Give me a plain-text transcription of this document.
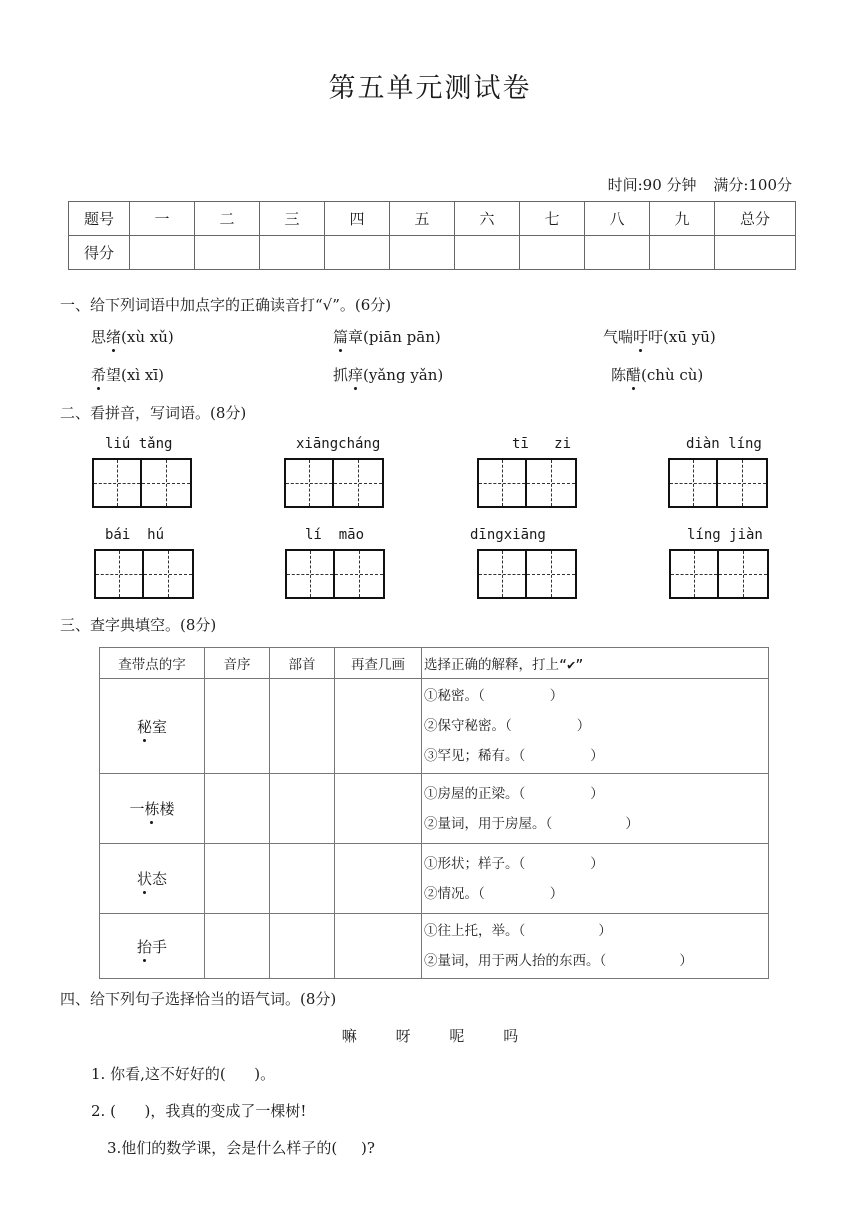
第五单元测试卷
时间:90 分钟 满分:100分
题号	一	二	三	四	五	六	七	八	九	总分
得分										
一、给下列词语中加点字的正确读音打“√”。(6分)
思绪(xù xǔ)	篇章(piān pān)	气喘吁吁(xū yū)
希望(xì xī)	抓痒(yǎng yǎn)	陈醋(chù cù)
二、看拼音，写词语。(8分)
liú tǎng	xiāngcháng	tī   zi	diàn líng
bái  hú	lí  māo	dīngxiāng	líng jiàn
三、查字典填空。(8分)
查带点的字	音序	部首	再查几画	选择正确的解释，打上“✔”
秘室				①秘密。（        ）
②保守秘密。（        ）
③罕见；稀有。（        ）

一栋楼				①房屋的正梁。（        ）
②量词，用于房屋。（         ）

状态				①形状；样子。（        ）
②情况。（        ）

抬手				①往上托，举。（         ）
②量词，用于两人抬的东西。（         ）
四、给下列句子选择恰当的语气词。(8分)
嘛	呀	呢	吗
1. 你看,这不好好的(      )。
2. (      )，我真的变成了一棵树!
3.他们的数学课，会是什么样子的(     )?
